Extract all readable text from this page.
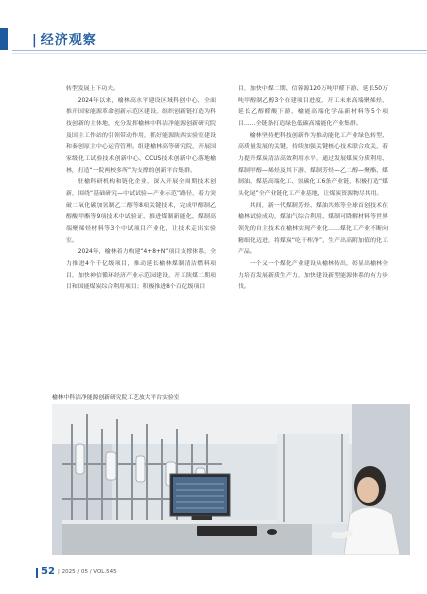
| 经济观察

转型发展上下功夫。

2024年以来，榆林高水平建设区域科创中心，全面推开国家能源革命创新示范区建设，组织创新链打造为科技创新的主体地，充分发挥榆林中科洁净能源创新研究院及国主工作站的引领带动作用，抓好能源陕西实验室建设和秦创原主中心运营管理。组建榆林高等研究院，开展国家级化工试验技术创新中心、CCUS技术创新中心落地榆林，打造“一院两校多所”为支撑的创新平台集群。

驻榆科研机构和链化企业，深入开展全周期技术创新，围绕“基础研究—中试试验—产业示范”路径，着力突破二氧化碳加氢制乙二醇等8项关键技术，完成甲醇制乙醇酸甲酯等9项技术中试验证，推进煤制新能化、煤制高端聚烯烃材料等3个中试项目产业化，让技术走出实验室。

2024年，榆林着力构建“4+8+N”项目支撑体系，全力推进4个千亿级项目，推动延长榆林煤制清洁燃料项目，加快神信循环经济产业示范园建设，开工陕煤二期项目和国能煤炭综合利用项目；积极推进8个百亿级项目

目，加快中煤二期、信蓉源120万吨甲醛下游、延长50万吨甲醇制乙醇3个在建项目进度，开工未来高端聚烯烃、延长乙醇醛酸下游、榆能高端化学品新材料等5个项目……全链条打造绿色低碳高端能化产业集群。

榆林坚持把科技创新作为推动能化工产业绿色转型、高质量发展的关键，持续加强关键核心技术联合攻关，着力提升煤炭清洁高效利用水平，通过发展煤炭分质利用、煤制甲醇—烯烃及其下游、煤制芳烃—乙二醇—聚酯、煤制油、煤基高端化工、氢碳化工6条产业链，积极打造“煤头化尾”全产业链化工产业基地，让煤炭资源物尽其用。

其间，新一代煤制芳烃、煤油共炼等全球首创技术在榆林试验成功，煤油气综合利用、煤制可降解材料等世界领先的自主技术在榆林实现产业化……煤化工产业不断向精细化迈进，将煤炭“吃干榨净”，生产出高附加值的化工产品。

一个又一个煤化产业建设从榆林传出，彰显出榆林全力培育发展新质生产力，加快建设新型能源体系的有力步伐。

榆林中科洁净能源创新研究院工艺放大平台实验室
52 | 2025 / 05 / VOL.545
